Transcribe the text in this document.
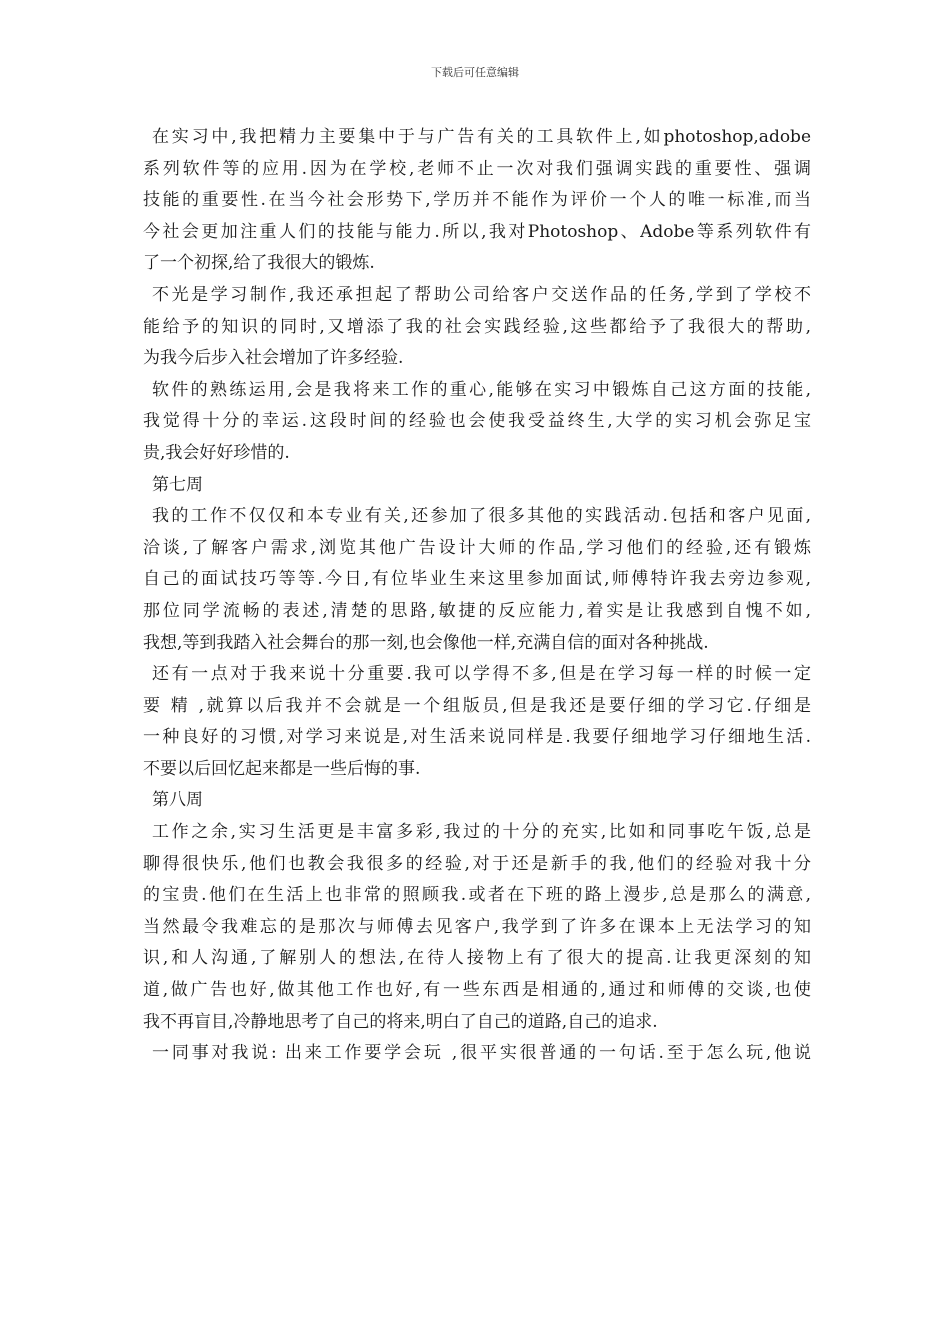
下载后可任意编辑
在实习中,我把精力主要集中于与广告有关的工具软件上,如photoshop,adobe
系列软件等的应用.因为在学校,老师不止一次对我们强调实践的重要性、强调
技能的重要性.在当今社会形势下,学历并不能作为评价一个人的唯一标准,而当
今社会更加注重人们的技能与能力.所以,我对Photoshop、Adobe等系列软件有
了一个初探,给了我很大的锻炼.
不光是学习制作,我还承担起了帮助公司给客户交送作品的任务,学到了学校不
能给予的知识的同时,又增添了我的社会实践经验,这些都给予了我很大的帮助,
为我今后步入社会增加了许多经验.
软件的熟练运用,会是我将来工作的重心,能够在实习中锻炼自己这方面的技能,
我觉得十分的幸运.这段时间的经验也会使我受益终生,大学的实习机会弥足宝
贵,我会好好珍惜的.
第七周
我的工作不仅仅和本专业有关,还参加了很多其他的实践活动.包括和客户见面,
洽谈,了解客户需求,浏览其他广告设计大师的作品,学习他们的经验,还有锻炼
自己的面试技巧等等.今日,有位毕业生来这里参加面试,师傅特许我去旁边参观,
那位同学流畅的表述,清楚的思路,敏捷的反应能力,着实是让我感到自愧不如,
我想,等到我踏入社会舞台的那一刻,也会像他一样,充满自信的面对各种挑战.
还有一点对于我来说十分重要.我可以学得不多,但是在学习每一样的时候一定
要 精 ,就算以后我并不会就是一个组版员,但是我还是要仔细的学习它.仔细是
一种良好的习惯,对学习来说是,对生活来说同样是.我要仔细地学习仔细地生活.
不要以后回忆起来都是一些后悔的事.
第八周
工作之余,实习生活更是丰富多彩,我过的十分的充实,比如和同事吃午饭,总是
聊得很快乐,他们也教会我很多的经验,对于还是新手的我,他们的经验对我十分
的宝贵.他们在生活上也非常的照顾我.或者在下班的路上漫步,总是那么的满意,
当然最令我难忘的是那次与师傅去见客户,我学到了许多在课本上无法学习的知
识,和人沟通,了解别人的想法,在待人接物上有了很大的提高.让我更深刻的知
道,做广告也好,做其他工作也好,有一些东西是相通的,通过和师傅的交谈,也使
我不再盲目,冷静地思考了自己的将来,明白了自己的道路,自己的追求.
一同事对我说: 出来工作要学会玩 ,很平实很普通的一句话.至于怎么玩,他说
